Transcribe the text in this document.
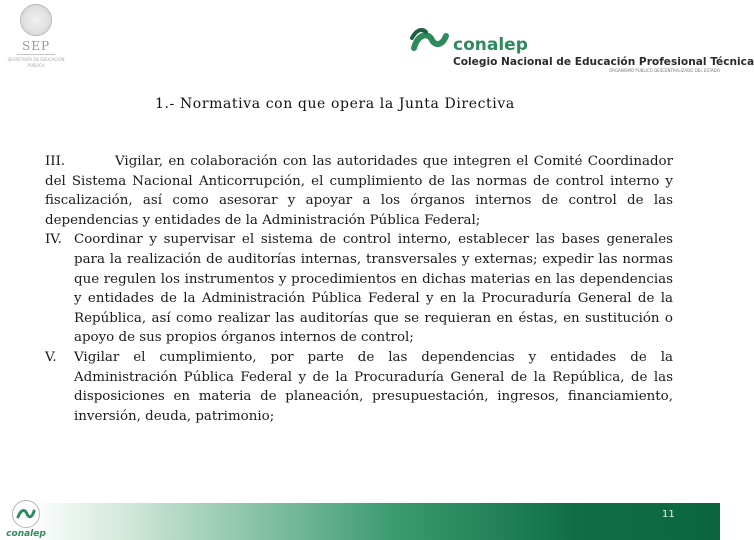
SEP
SECRETARÍA DE EDUCACIÓN PÚBLICA
conalep
Colegio Nacional de Educación Profesional Técnica
ORGANISMO PÚBLICO DESCENTRALIZADO DEL ESTADO
1.- Normativa con que opera la Junta Directiva

III.	Vigilar, en colaboración con las autoridades que integren el Comité Coordinador del Sistema Nacional Anticorrupción, el cumplimiento de las normas de control interno y fiscalización, así como asesorar y apoyar a los órganos internos de control de las dependencias y entidades de la Administración Pública Federal;

IV. Coordinar y supervisar el sistema de control interno, establecer las bases generales para la realización de auditorías internas, transversales y externas; expedir las normas que regulen los instrumentos y procedimientos en dichas materias en las dependencias y entidades de la Administración Pública Federal y en la Procuraduría General de la República, así como realizar las auditorías que se requieran en éstas, en sustitución o apoyo de sus propios órganos internos de control;
V.	Vigilar el cumplimiento, por parte de las dependencias y entidades de la Administración Pública Federal y de la Procuraduría General de la República, de las disposiciones en materia de planeación, presupuestación, ingresos, financiamiento, inversión, deuda, patrimonio;
11
conalep
